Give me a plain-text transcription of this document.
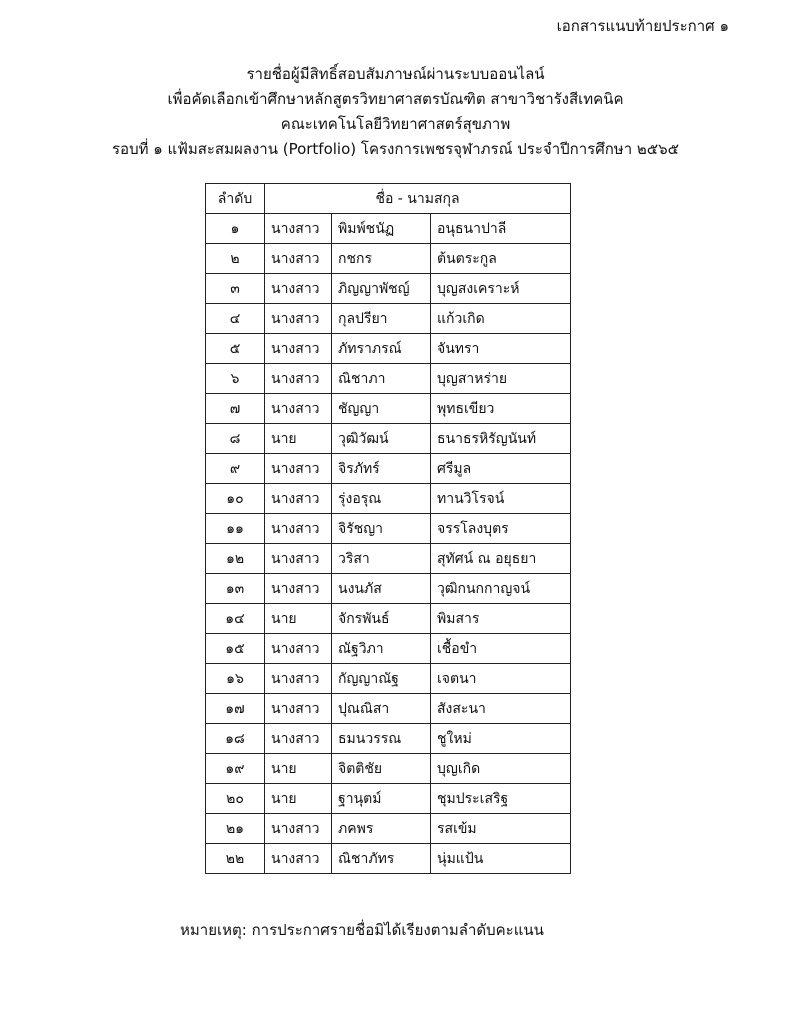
เอกสารแนบท้ายประกาศ ๑
รายชื่อผู้มีสิทธิ์สอบสัมภาษณ์ผ่านระบบออนไลน์
เพื่อคัดเลือกเข้าศึกษาหลักสูตรวิทยาศาสตรบัณฑิต สาขาวิชารังสีเทคนิค
คณะเทคโนโลยีวิทยาศาสตร์สุขภาพ
รอบที่ ๑ แฟ้มสะสมผลงาน (Portfolio) โครงการเพชรจุฬาภรณ์ ประจำปีการศึกษา ๒๕๖๕
ลำดับ	ชื่อ - นามสกุล		
๑	นางสาว	พิมพ์ชนัฏ	อนุธนาปาลี
๒	นางสาว	กชกร	ต้นตระกูล
๓	นางสาว	ภิญญาพัชญ์	บุญสงเคราะห์
๔	นางสาว	กุลปรียา	แก้วเกิด
๕	นางสาว	ภัทราภรณ์	จันทรา
๖	นางสาว	ณิชาภา	บุญสาหร่าย
๗	นางสาว	ชัญญา	พุทธเขียว
๘	นาย	วุฒิวัฒน์	ธนาธรหิรัญนันท์
๙	นางสาว	จิรภัทร์	ศรีมูล
๑๐	นางสาว	รุ่งอรุณ	ทานวิโรจน์
๑๑	นางสาว	จิรัชญา	จรรโลงบุตร
๑๒	นางสาว	วริสา	สุทัศน์ ณ อยุธยา
๑๓	นางสาว	นงนภัส	วุฒิกนกกาญจน์
๑๔	นาย	จักรพันธ์	พิมสาร
๑๕	นางสาว	ณัฐวิภา	เชื้อขำ
๑๖	นางสาว	กัญญาณัฐ	เจตนา
๑๗	นางสาว	ปุณณิสา	สังสะนา
๑๘	นางสาว	ธมนวรรณ	ชูใหม่
๑๙	นาย	จิตติชัย	บุญเกิด
๒๐	นาย	ฐานุตม์	ชุมประเสริฐ
๒๑	นางสาว	ภคพร	รสเข้ม
๒๒	นางสาว	ณิชาภัทร	นุ่มแป้น
หมายเหตุ: การประกาศรายชื่อมิได้เรียงตามลำดับคะแนน
